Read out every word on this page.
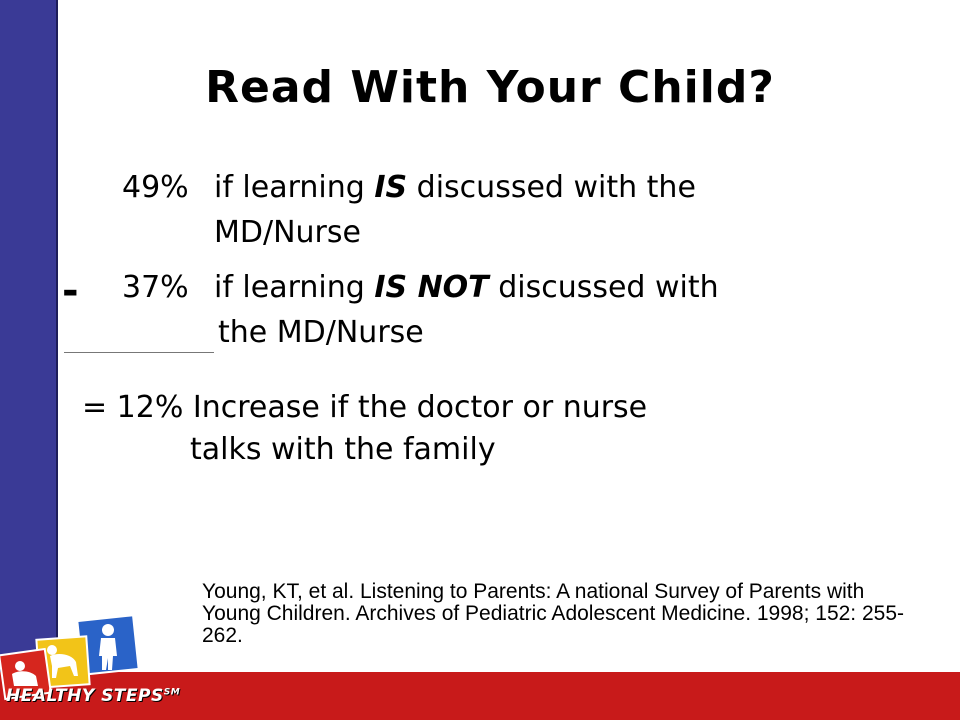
Read With Your Child?
49% if learning IS discussed with the
MD/Nurse
- 37% if learning IS NOT discussed with
the MD/Nurse
= 12% Increase if the doctor or nurse
talks with the family
Young, KT, et al. Listening to Parents: A national Survey of Parents with Young Children. Archives of Pediatric Adolescent Medicine. 1998; 152: 255-262.
HEALTHY STEPS℠
